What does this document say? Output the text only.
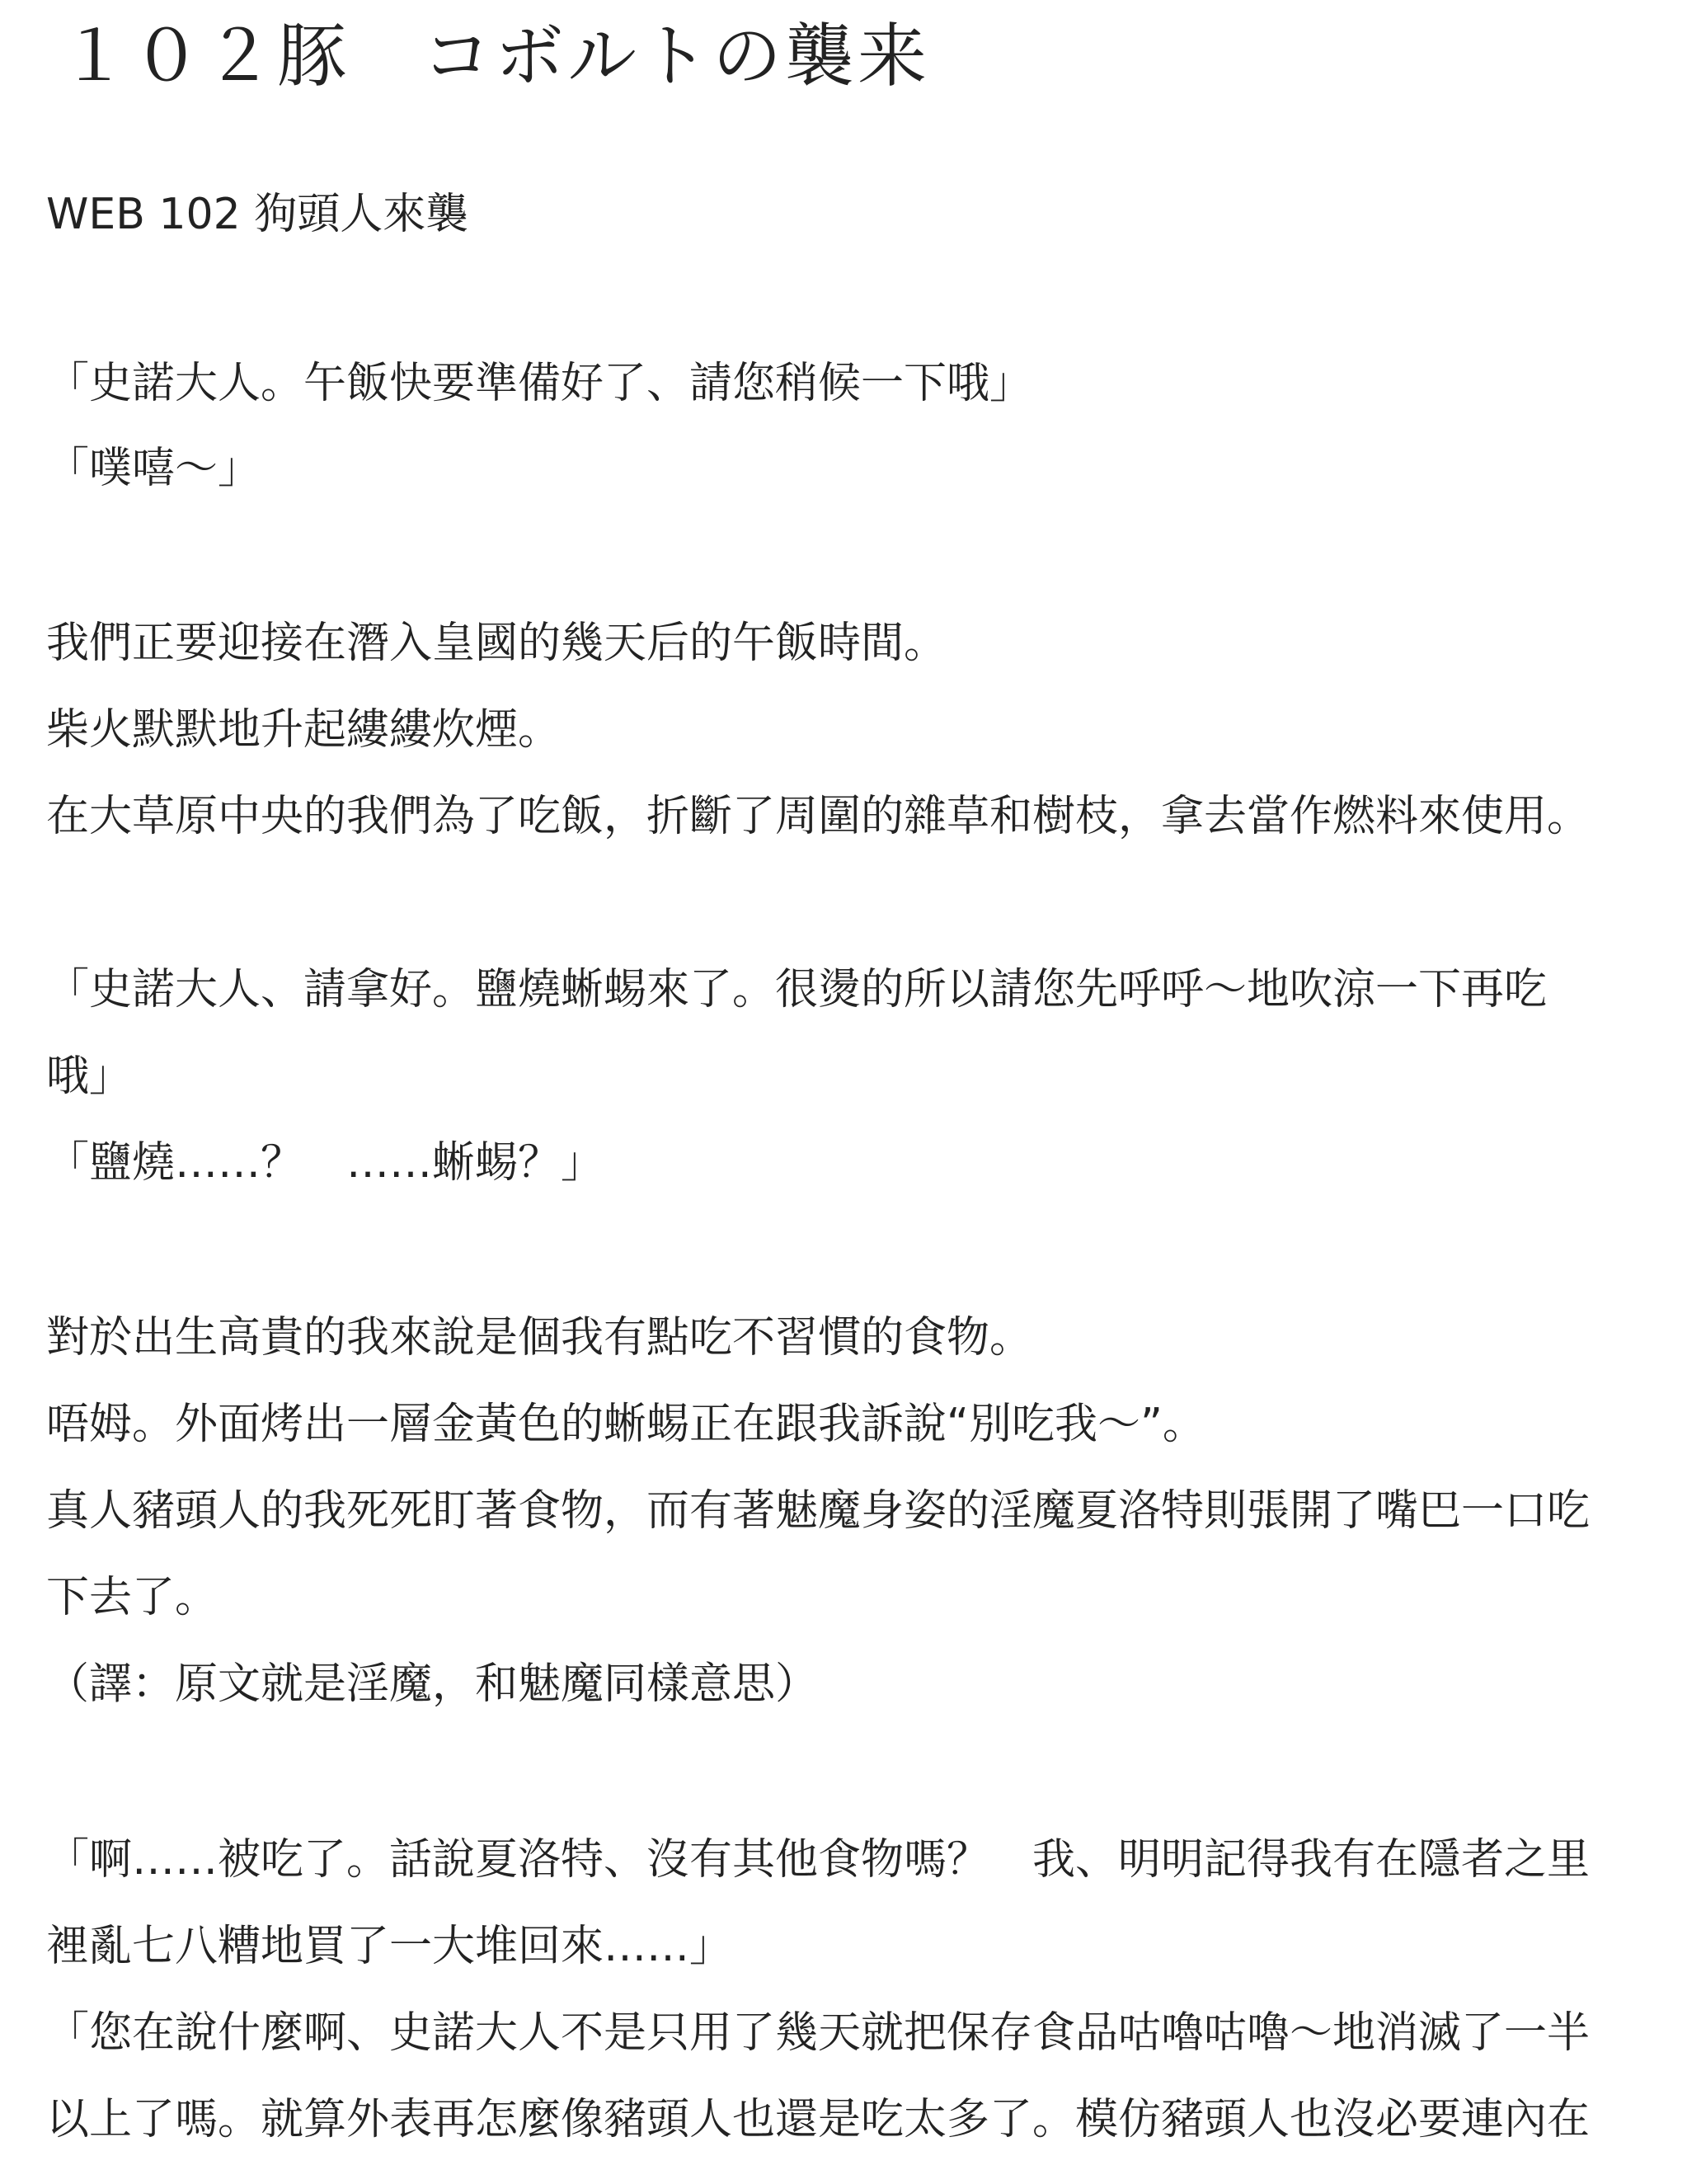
１０２豚　コボルトの襲来
WEB 102 狗頭人來襲
「史諾大人。午飯快要準備好了、請您稍候一下哦」
「噗嘻～」
我們正要迎接在潛入皇國的幾天后的午飯時間。
柴火默默地升起縷縷炊煙。
在大草原中央的我們為了吃飯，折斷了周圍的雜草和樹枝，拿去當作燃料來使用。
「史諾大人、請拿好。鹽燒蜥蜴來了。很燙的所以請您先呼呼～地吹涼一下再吃
哦」
「鹽燒……？　……蜥蜴？」
對於出生高貴的我來說是個我有點吃不習慣的食物。
唔姆。外面烤出一層金黃色的蜥蜴正在跟我訴說“別吃我～”。
真人豬頭人的我死死盯著食物，而有著魅魔身姿的淫魔夏洛特則張開了嘴巴一口吃
下去了。
（譯：原文就是淫魔，和魅魔同樣意思）
「啊……被吃了。話說夏洛特、沒有其他食物嗎？　我、明明記得我有在隱者之里
裡亂七八糟地買了一大堆回來……」
「您在說什麼啊、史諾大人不是只用了幾天就把保存食品咕嚕咕嚕～地消滅了一半
以上了嗎。就算外表再怎麼像豬頭人也還是吃太多了。模仿豬頭人也沒必要連內在
